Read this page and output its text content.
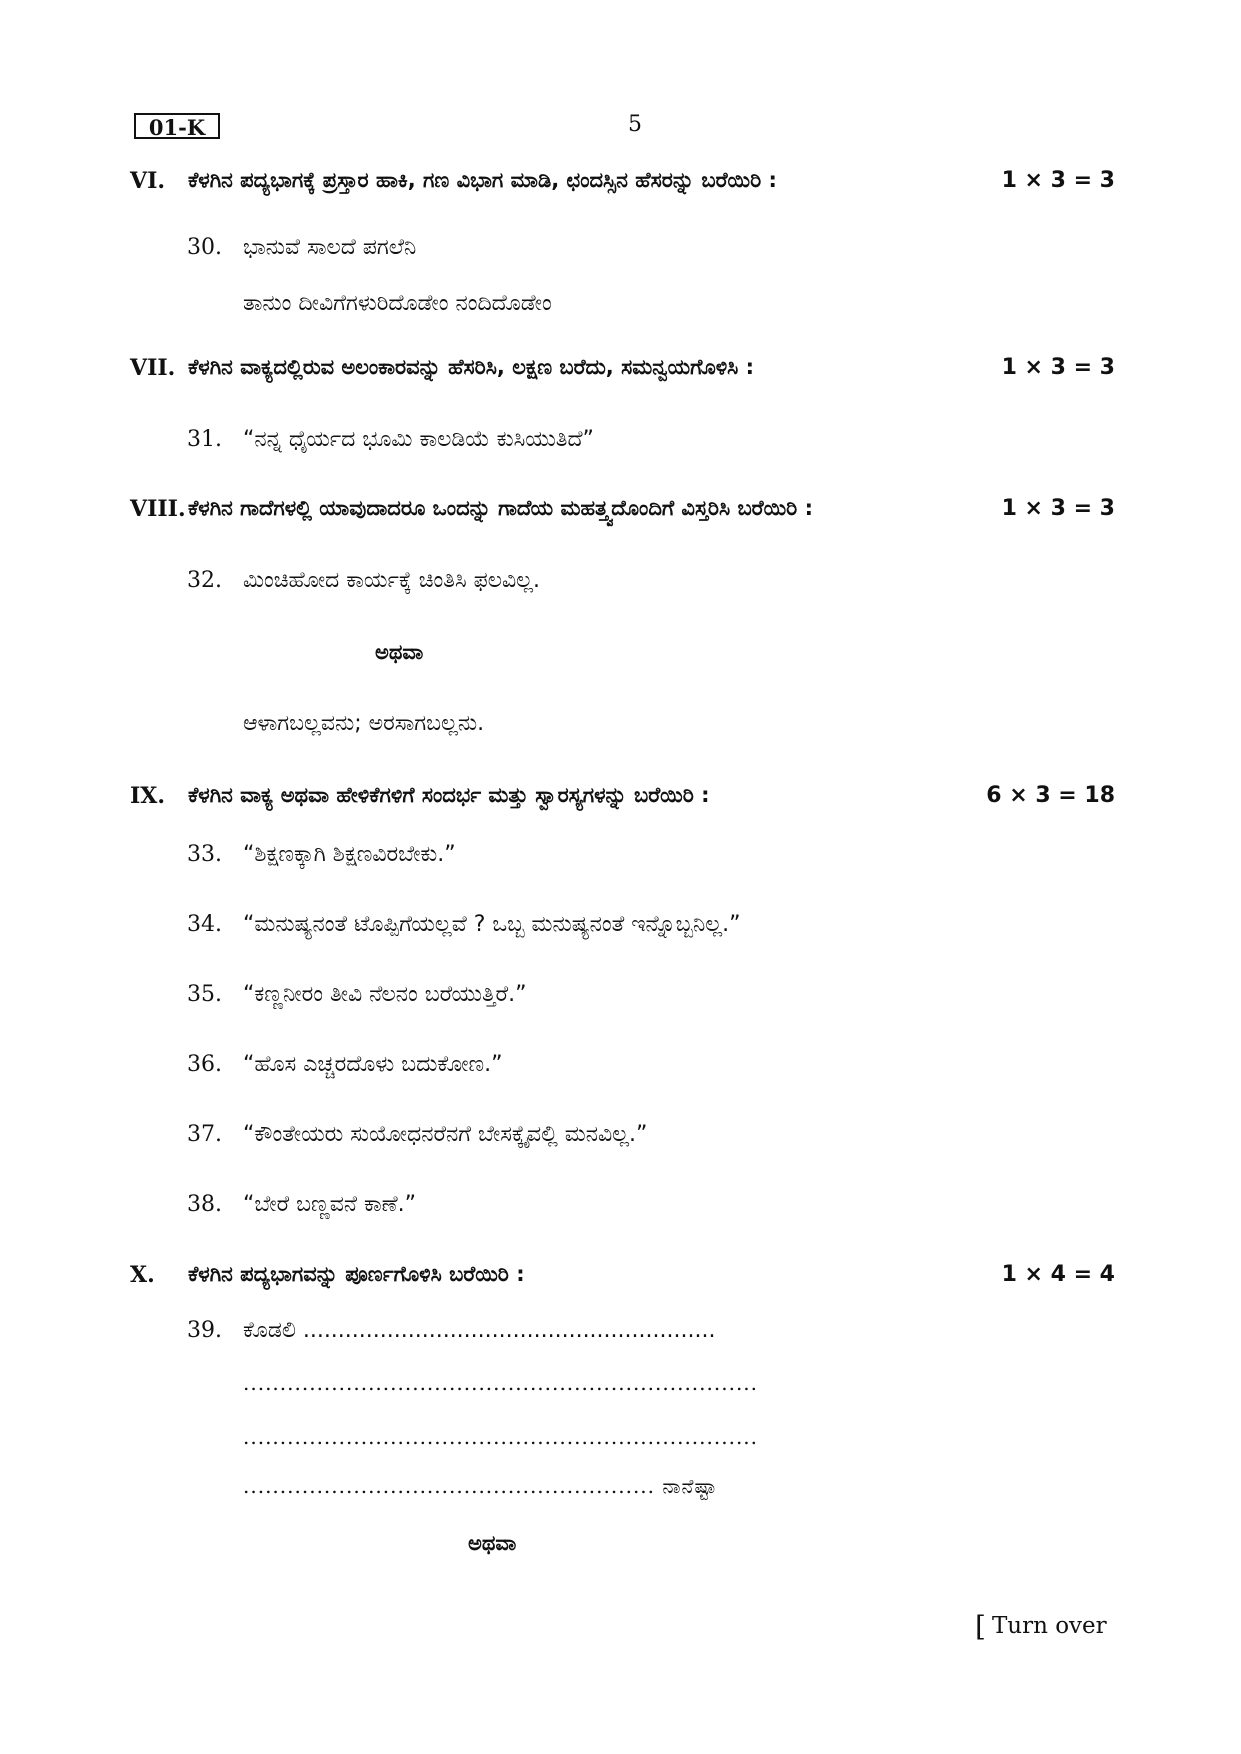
01-K	5
VI. ಕೆಳಗಿನ ಪದ್ಯಭಾಗಕ್ಕೆ ಪ್ರಸ್ತಾರ ಹಾಕಿ, ಗಣ ವಿಭಾಗ ಮಾಡಿ, ಛಂದಸ್ಸಿನ ಹೆಸರನ್ನು ಬರೆಯಿರಿ :	1 × 3 = 3
30. ಭಾನುವೆ ಸಾಲದೆ ಪಗಲೆನಿ
ತಾನುಂ ದೀವಿಗೆಗಳುರಿದೊಡೇಂ ನಂದಿದೊಡೇಂ
VII. ಕೆಳಗಿನ ವಾಕ್ಯದಲ್ಲಿರುವ ಅಲಂಕಾರವನ್ನು ಹೆಸರಿಸಿ, ಲಕ್ಷಣ ಬರೆದು, ಸಮನ್ವಯಗೊಳಿಸಿ :	1 × 3 = 3
31. “ನನ್ನ ಧೈರ್ಯದ ಭೂಮಿ ಕಾಲಡಿಯೆ ಕುಸಿಯುತಿದೆ”
VIII. ಕೆಳಗಿನ ಗಾದೆಗಳಲ್ಲಿ ಯಾವುದಾದರೂ ಒಂದನ್ನು ಗಾದೆಯ ಮಹತ್ತ್ವದೊಂದಿಗೆ ವಿಸ್ತರಿಸಿ ಬರೆಯಿರಿ :	1 × 3 = 3
32. ಮಿಂಚಿಹೋದ ಕಾರ್ಯಕ್ಕೆ ಚಿಂತಿಸಿ ಫಲವಿಲ್ಲ.
ಅಥವಾ
ಆಳಾಗಬಲ್ಲವನು; ಅರಸಾಗಬಲ್ಲನು.
IX. ಕೆಳಗಿನ ವಾಕ್ಯ ಅಥವಾ ಹೇಳಿಕೆಗಳಿಗೆ ಸಂದರ್ಭ ಮತ್ತು ಸ್ವಾರಸ್ಯಗಳನ್ನು ಬರೆಯಿರಿ :	6 × 3 = 18
33. “ಶಿಕ್ಷಣಕ್ಕಾಗಿ ಶಿಕ್ಷಣವಿರಬೇಕು.”
34. “ಮನುಷ್ಯನಂತೆ ಟೊಪ್ಪಿಗೆಯಲ್ಲವೆ ? ಒಬ್ಬ ಮನುಷ್ಯನಂತೆ ಇನ್ನೊಬ್ಬನಿಲ್ಲ.”
35. “ಕಣ್ಣನೀರಂ ತೀವಿ ನೆಲನಂ ಬರೆಯುತ್ತಿರೆ.”
36. “ಹೊಸ ಎಚ್ಚರದೊಳು ಬದುಕೋಣ.”
37. “ಕೌಂತೇಯರು ಸುಯೋಧನರೆನಗೆ ಬೇಸಕ್ಕೈವಲ್ಲಿ ಮನವಿಲ್ಲ.”
38. “ಬೇರೆ ಬಣ್ಣವನೆ ಕಾಣೆ.”
X. ಕೆಳಗಿನ ಪದ್ಯಭಾಗವನ್ನು ಪೂರ್ಣಗೊಳಿಸಿ ಬರೆಯಿರಿ :	1 × 4 = 4
39. ಕೊಡಲಿ ...........................................................
......................................................................
......................................................................
........................................................ ನಾನೆಷ್ಟಾ
ಅಥವಾ
[ Turn over
